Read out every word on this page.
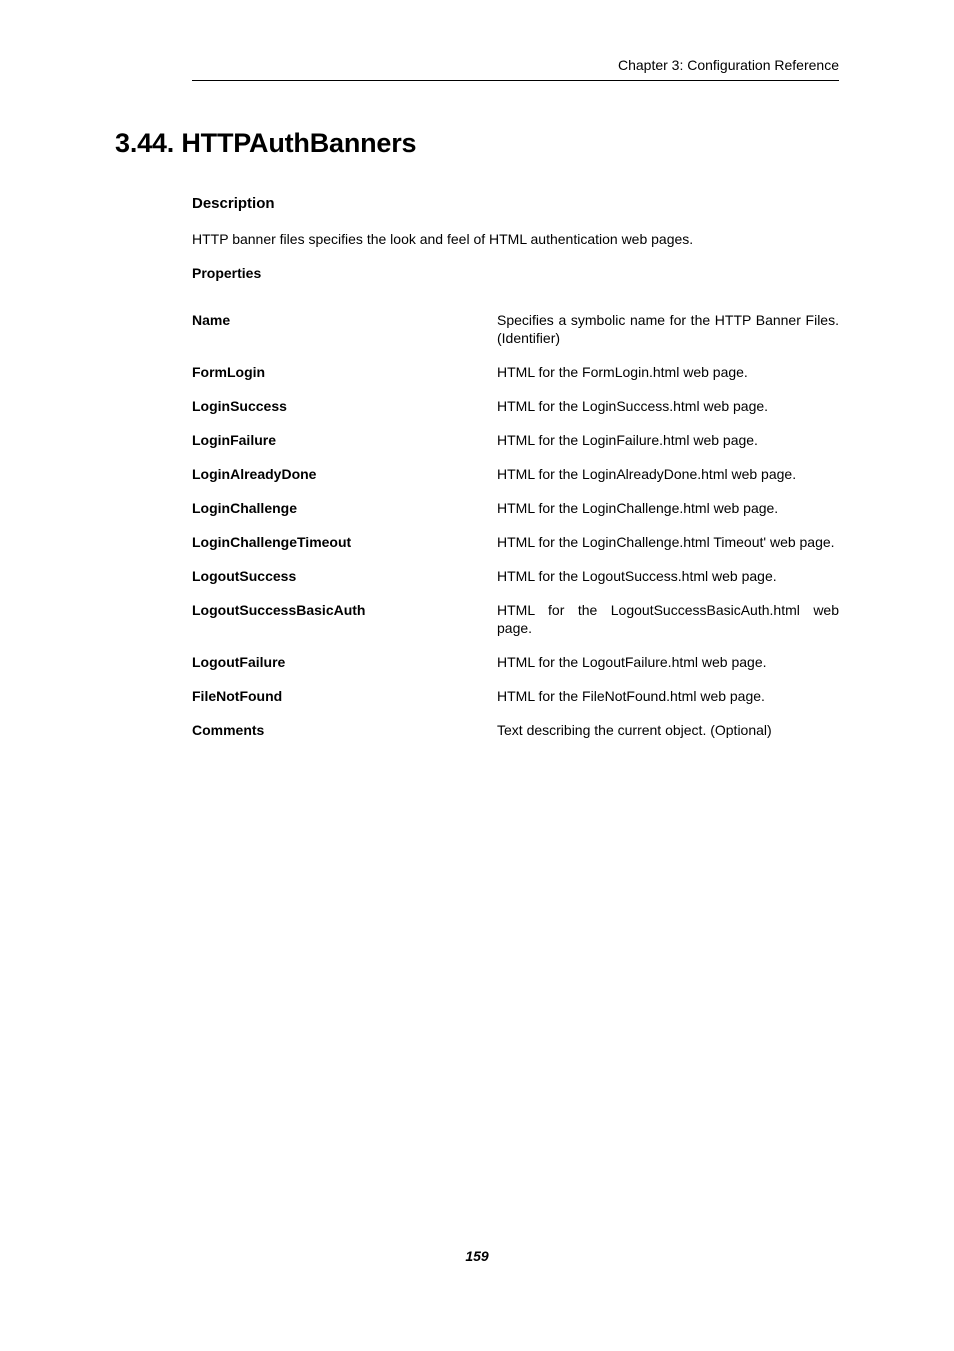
Chapter 3: Configuration Reference
3.44. HTTPAuthBanners
Description

HTTP banner files specifies the look and feel of HTML authentication web pages.

Properties

Name	Specifies a symbolic name for the HTTP Banner Files. (Identifier)
FormLogin	HTML for the FormLogin.html web page.
LoginSuccess	HTML for the LoginSuccess.html web page.
LoginFailure	HTML for the LoginFailure.html web page.
LoginAlreadyDone	HTML for the LoginAlreadyDone.html web page.
LoginChallenge	HTML for the LoginChallenge.html web page.
LoginChallengeTimeout	HTML for the LoginChallenge.html Timeout' web page.
LogoutSuccess	HTML for the LogoutSuccess.html web page.
LogoutSuccessBasicAuth	HTML for the LogoutSuccessBasicAuth.html web page.
LogoutFailure	HTML for the LogoutFailure.html web page.
FileNotFound	HTML for the FileNotFound.html web page.
Comments	Text describing the current object. (Optional)
159
